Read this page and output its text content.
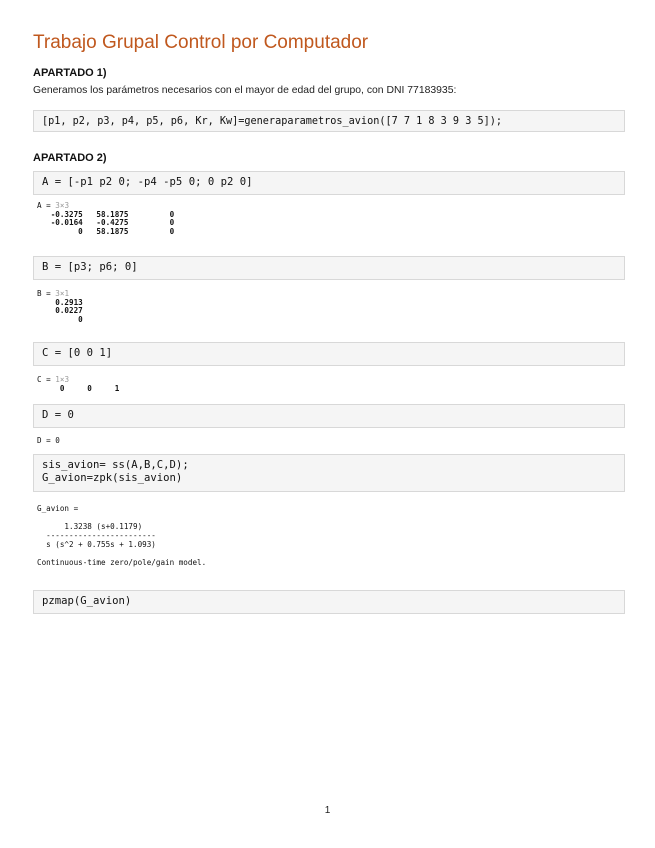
Trabajo Grupal Control por Computador
APARTADO 1)
Generamos los parámetros necesarios con el mayor de edad del grupo, con DNI 77183935:
[p1, p2, p3, p4, p5, p6, Kr, Kw]=generaparametros_avion([7 7 1 8 3 9 3 5]);
APARTADO 2)
A = [-p1 p2 0; -p4 -p5 0; 0 p2 0]
A = 3×3
-0.3275   58.1875         0
-0.0164   -0.4275         0
0   58.1875         0
B = [p3; p6; 0]
B = 3×1
0.2913
0.0227
0
C = [0 0 1]
C = 1×3
0     0     1
D = 0
D = 0
sis_avion= ss(A,B,C,D);
G_avion=zpk(sis_avion)
G_avion =

1.3238 (s+0.1179)
------------------------
s (s^2 + 0.755s + 1.093)

Continuous-time zero/pole/gain model.
pzmap(G_avion)
1
